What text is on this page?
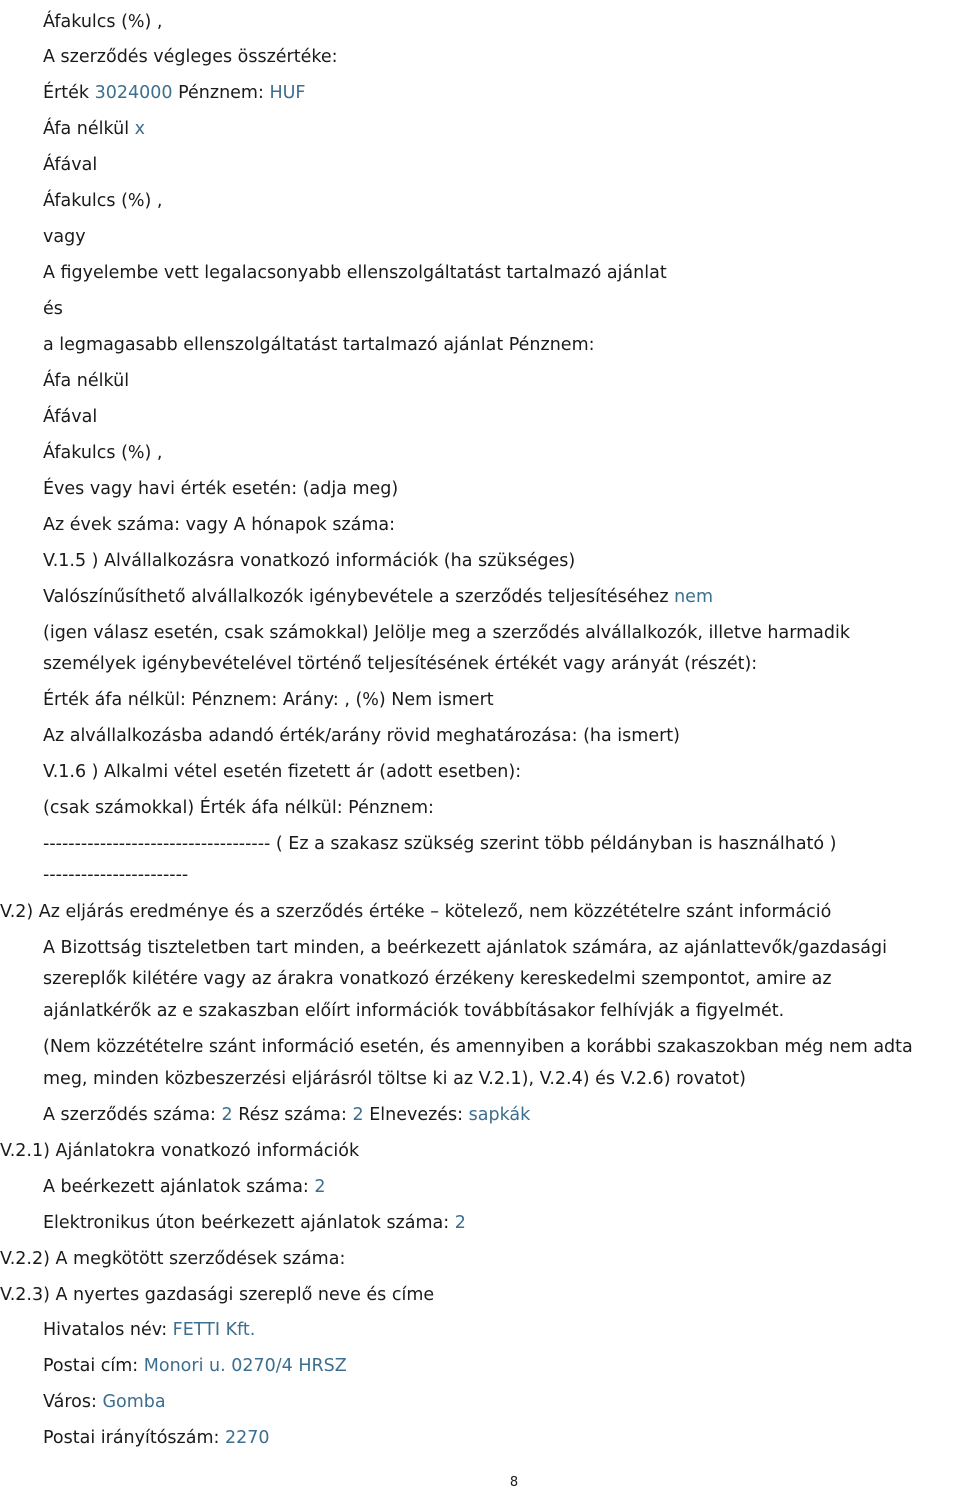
Áfakulcs (%) ,
A szerződés végleges összértéke:
Érték 3024000 Pénznem: HUF
Áfa nélkül x
Áfával
Áfakulcs (%) ,
vagy
A figyelembe vett legalacsonyabb ellenszolgáltatást tartalmazó ajánlat
és
a legmagasabb ellenszolgáltatást tartalmazó ajánlat Pénznem:
Áfa nélkül
Áfával
Áfakulcs (%) ,
Éves vagy havi érték esetén: (adja meg)
Az évek száma: vagy A hónapok száma:
V.1.5 ) Alvállalkozásra vonatkozó információk (ha szükséges)
Valószínűsíthető alvállalkozók igénybevétele a szerződés teljesítéséhez nem
(igen válasz esetén, csak számokkal) Jelölje meg a szerződés alvállalkozók, illetve harmadik
személyek igénybevételével történő teljesítésének értékét vagy arányát (részét):
Érték áfa nélkül: Pénznem: Arány: , (%) Nem ismert
Az alvállalkozásba adandó érték/arány rövid meghatározása: (ha ismert)
V.1.6 ) Alkalmi vétel esetén fizetett ár (adott esetben):
(csak számokkal) Érték áfa nélkül: Pénznem:
------------------------------------ ( Ez a szakasz szükség szerint több példányban is használható )
-----------------------
V.2) Az eljárás eredménye és a szerződés értéke – kötelező, nem közzétételre szánt információ
A Bizottság tiszteletben tart minden, a beérkezett ajánlatok számára, az ajánlattevők/gazdasági
szereplők kilétére vagy az árakra vonatkozó érzékeny kereskedelmi szempontot, amire az
ajánlatkérők az e szakaszban előírt információk továbbításakor felhívják a figyelmét.
(Nem közzétételre szánt információ esetén, és amennyiben a korábbi szakaszokban még nem adta
meg, minden közbeszerzési eljárásról töltse ki az V.2.1), V.2.4) és V.2.6) rovatot)
A szerződés száma: 2 Rész száma: 2 Elnevezés: sapkák
V.2.1) Ajánlatokra vonatkozó információk
A beérkezett ajánlatok száma: 2
Elektronikus úton beérkezett ajánlatok száma: 2
V.2.2) A megkötött szerződések száma:
V.2.3) A nyertes gazdasági szereplő neve és címe
Hivatalos név: FETTI Kft.
Postai cím: Monori u. 0270/4 HRSZ
Város: Gomba
Postai irányítószám: 2270
8
